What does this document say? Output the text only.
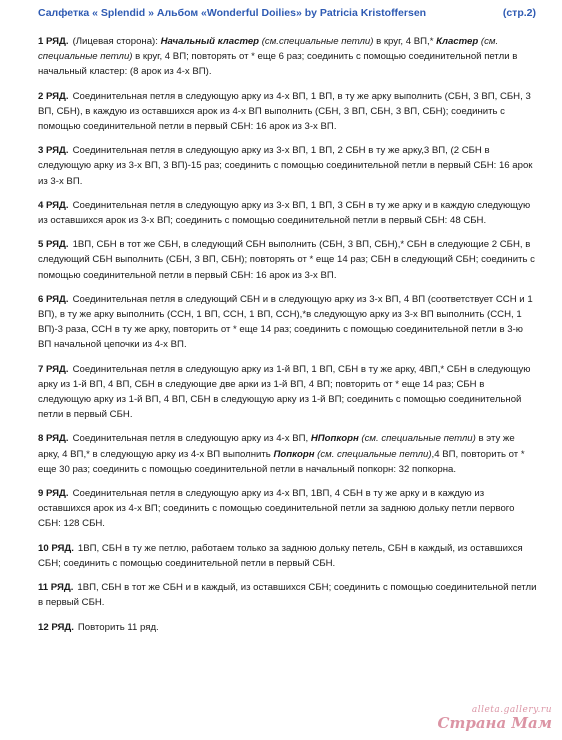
Салфетка « Splendid » Альбом «Wonderful Doilies» by Patricia Kristoffersen	(стр.2)

1 РЯД. (Лицевая сторона): Начальный кластер (см.специальные петли) в круг, 4 ВП,* Кластер (см. специальные петли) в круг, 4 ВП; повторять от * еще 6 раз; соединить с помощью соединительной петли в начальный кластер: (8 арок из 4-х ВП).

2 РЯД. Соединительная петля в следующую арку из 4-х ВП, 1 ВП, в ту же арку выполнить (СБН, 3 ВП, СБН, 3 ВП, СБН), в каждую из оставшихся арок из 4-х ВП выполнить (СБН, 3 ВП, СБН, 3 ВП, СБН); соединить с помощью соединительной петли в первый СБН: 16 арок из 3-х ВП.

3 РЯД. Соединительная петля в следующую арку из 3-х ВП, 1 ВП, 2 СБН в ту же арку,3 ВП, (2 СБН в следующую арку из 3-х ВП, 3 ВП)-15 раз; соединить с помощью соединительной петли в первый СБН: 16 арок из 3-х ВП.

4 РЯД. Соединительная петля в следующую арку из 3-х ВП, 1 ВП, 3 СБН в ту же арку и в каждую следующую из оставшихся арок из 3-х ВП; соединить с помощью соединительной петли в первый СБН: 48 СБН.

5 РЯД. 1ВП, СБН в тот же СБН, в следующий СБН выполнить (СБН, 3 ВП, СБН),* СБН в следующие 2 СБН, в следующий СБН выполнить (СБН, 3 ВП, СБН); повторять от * еще 14 раз; СБН в следующий СБН; соединить с помощью соединительной петли в первый СБН: 16 арок из 3-х ВП.

6 РЯД. Соединительная петля в следующий СБН и в следующую арку из 3-х ВП, 4 ВП (соответствует ССН и 1 ВП), в ту же арку выполнить (ССН, 1 ВП, ССН, 1 ВП, ССН),*в следующую арку из 3-х ВП выполнить (ССН, 1 ВП)-3 раза, ССН в ту же арку, повторить от * еще 14 раз; соединить с помощью соединительной петли в 3-ю ВП начальной цепочки из 4-х ВП.

7 РЯД. Соединительная петля в следующую арку из 1-й ВП, 1 ВП, СБН в ту же арку, 4ВП,* СБН в следующую арку из 1-й ВП, 4 ВП, СБН в следующие две арки из 1-й ВП, 4 ВП; повторить от * еще 14 раз; СБН в следующую арку из 1-й ВП, 4 ВП, СБН в следующую арку из 1-й ВП; соединить с помощью соединительной петли в первый СБН.

8 РЯД. Соединительная петля в следующую арку из 4-х ВП, НПопкорн (см. специальные петли) в эту же арку, 4 ВП,* в следующую арку из 4-х ВП выполнить Попкорн (см. специальные петли),4 ВП, повторить от * еще 30 раз; соединить с помощью соединительной петли в начальный попкорн: 32 попкорна.

9 РЯД. Соединительная петля в следующую арку из 4-х ВП, 1ВП, 4 СБН в ту же арку и в каждую из оставшихся арок из 4-х ВП; соединить с помощью соединительной петли за заднюю дольку петли первого СБН: 128 СБН.

10 РЯД. 1ВП, СБН в ту же петлю, работаем только за заднюю дольку петель, СБН в каждый, из оставшихся СБН; соединить с помощью соединительной петли в первый СБН.

11 РЯД. 1ВП, СБН в тот же СБН и в каждый, из оставшихся СБН; соединить с помощью соединительной петли в первый СБН.

12 РЯД. Повторить 11 ряд.

alleta.gallery.ru
Страна Мам
